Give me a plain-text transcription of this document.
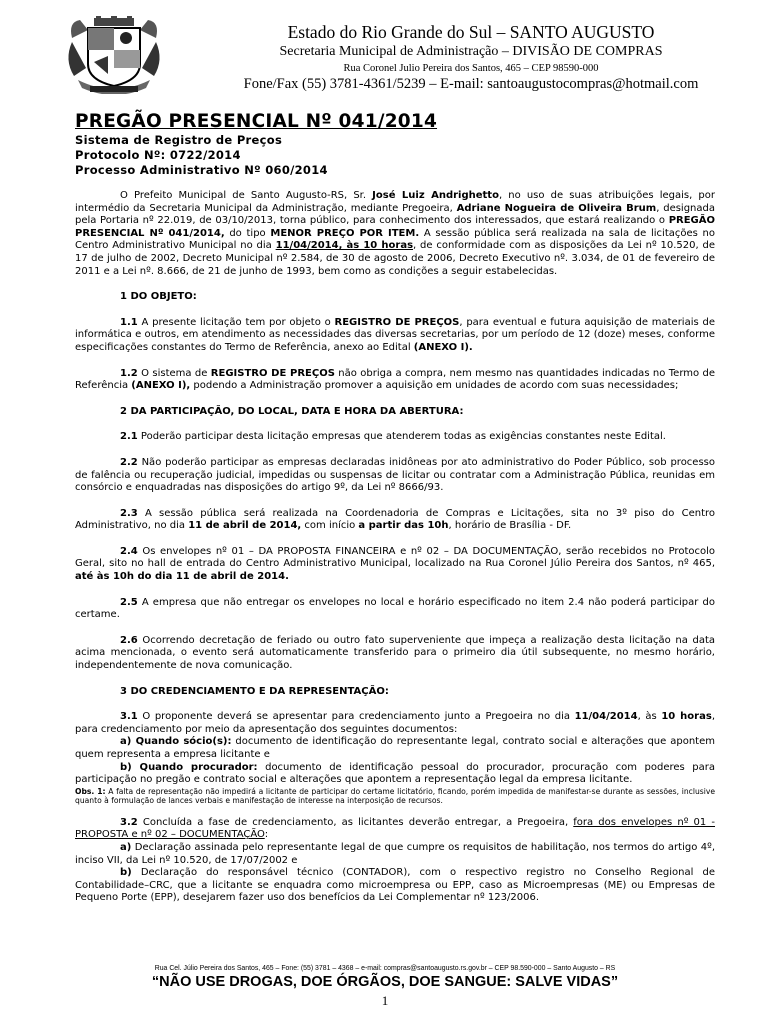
Estado do Rio Grande do Sul – SANTO AUGUSTO
Secretaria Municipal de Administração – DIVISÃO DE COMPRAS
Rua Coronel Julio Pereira dos Santos, 465 – CEP 98590-000
Fone/Fax (55) 3781-4361/5239 – E-mail: santoaugustocompras@hotmail.com
PREGÃO PRESENCIAL Nº 041/2014
Sistema de Registro de Preços
Protocolo Nº: 0722/2014
Processo Administrativo Nº 060/2014

O Prefeito Municipal de Santo Augusto-RS, Sr. José Luiz Andrighetto, no uso de suas atribuições legais, por intermédio da Secretaria Municipal da Administração, mediante Pregoeira, Adriane Nogueira de Oliveira Brum, designada pela Portaria nº 22.019, de 03/10/2013, torna público, para conhecimento dos interessados, que estará realizando o PREGÃO PRESENCIAL Nº 041/2014, do tipo MENOR PREÇO POR ITEM. A sessão pública será realizada na sala de licitações no Centro Administrativo Municipal no dia 11/04/2014, às 10 horas, de conformidade com as disposições da Lei nº 10.520, de 17 de julho de 2002, Decreto Municipal nº 2.584, de 30 de agosto de 2006, Decreto Executivo nº. 3.034, de 01 de fevereiro de 2011 e a Lei nº. 8.666, de 21 de junho de 1993, bem como as condições a seguir estabelecidas.

1 DO OBJETO:

1.1 A presente licitação tem por objeto o REGISTRO DE PREÇOS, para eventual e futura aquisição de materiais de informática e outros, em atendimento as necessidades das diversas secretarias, por um período de 12 (doze) meses, conforme especificações constantes do Termo de Referência, anexo ao Edital (ANEXO I).

1.2 O sistema de REGISTRO DE PREÇOS não obriga a compra, nem mesmo nas quantidades indicadas no Termo de Referência (ANEXO I), podendo a Administração promover a aquisição em unidades de acordo com suas necessidades;

2 DA PARTICIPAÇÃO, DO LOCAL, DATA E HORA DA ABERTURA:

2.1 Poderão participar desta licitação empresas que atenderem todas as exigências constantes neste Edital.

2.2 Não poderão participar as empresas declaradas inidôneas por ato administrativo do Poder Público, sob processo de falência ou recuperação judicial, impedidas ou suspensas de licitar ou contratar com a Administração Pública, reunidas em consórcio e enquadradas nas disposições do artigo 9º, da Lei nº 8666/93.

2.3 A sessão pública será realizada na Coordenadoria de Compras e Licitações, sita no 3º piso do Centro Administrativo, no dia 11 de abril de 2014, com início a partir das 10h, horário de Brasília - DF.

2.4 Os envelopes nº 01 – DA PROPOSTA FINANCEIRA e nº 02 – DA DOCUMENTAÇÃO, serão recebidos no Protocolo Geral, sito no hall de entrada do Centro Administrativo Municipal, localizado na Rua Coronel Júlio Pereira dos Santos, nº 465, até às 10h do dia 11 de abril de 2014.

2.5 A empresa que não entregar os envelopes no local e horário especificado no item 2.4 não poderá participar do certame.

2.6 Ocorrendo decretação de feriado ou outro fato superveniente que impeça a realização desta licitação na data acima mencionada, o evento será automaticamente transferido para o primeiro dia útil subsequente, no mesmo horário, independentemente de nova comunicação.

3 DO CREDENCIAMENTO E DA REPRESENTAÇÃO:

3.1 O proponente deverá se apresentar para credenciamento junto a Pregoeira no dia 11/04/2014, às 10 horas, para credenciamento por meio da apresentação dos seguintes documentos:

a) Quando sócio(s): documento de identificação do representante legal, contrato social e alterações que apontem quem representa a empresa licitante e

b) Quando procurador: documento de identificação pessoal do procurador, procuração com poderes para participação no pregão e contrato social e alterações que apontem a representação legal da empresa licitante.

Obs. 1: A falta de representação não impedirá a licitante de participar do certame licitatório, ficando, porém impedida de manifestar-se durante as sessões, inclusive quanto à formulação de lances verbais e manifestação de interesse na interposição de recursos.

3.2 Concluída a fase de credenciamento, as licitantes deverão entregar, a Pregoeira, fora dos envelopes nº 01 - PROPOSTA e nº 02 – DOCUMENTAÇÃO:

a) Declaração assinada pelo representante legal de que cumpre os requisitos de habilitação, nos termos do artigo 4º, inciso VII, da Lei nº 10.520, de 17/07/2002 e

b) Declaração do responsável técnico (CONTADOR), com o respectivo registro no Conselho Regional de Contabilidade–CRC, que a licitante se enquadra como microempresa ou EPP, caso as Microempresas (ME) ou Empresas de Pequeno Porte (EPP), desejarem fazer uso dos benefícios da Lei Complementar nº 123/2006.

Rua Cel. Júlio Pereira dos Santos, 465 – Fone: (55) 3781 – 4368 – e-mail: compras@santoaugusto.rs.gov.br – CEP 98.590-000 – Santo Augusto – RS
“NÃO USE DROGAS, DOE ÓRGÃOS, DOE SANGUE: SALVE VIDAS”
1
